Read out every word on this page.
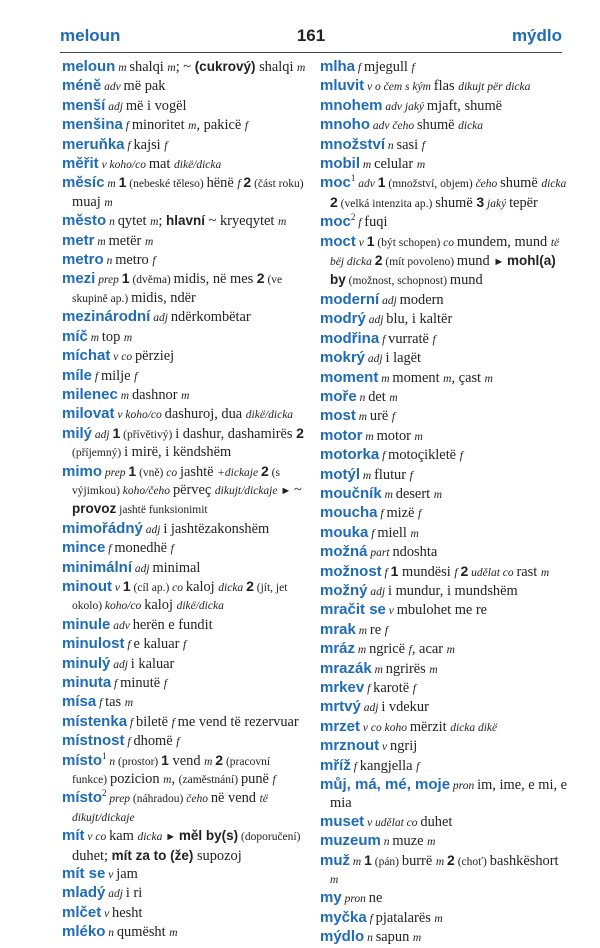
meloun	161	mýdlo
meloun m shalqi m; ~ (cukrový) shalqi m
méně adv më pak
menší adj më i vogël
menšina f minoritet m, pakicë f
meruňka f kajsi f
měřit v koho/co mat dikë/dicka
měsíc m 1 (nebeské těleso) hënë f 2 (část roku) muaj m
město n qytet m; hlavní ~ kryeqytet m
metr m metër m
metro n metro f
mezi prep 1 (dvěma) midis, në mes 2 (ve skupině ap.) midis, ndër
mezinárodní adj ndërkombëtar
míč m top m
míchat v co përziej
míle f milje f
milenec m dashnor m
milovat v koho/co dashuroj, dua dikë/dicka
milý adj 1 (přívětivý) i dashur, dashamirës 2 (příjemný) i mirë, i këndshëm
mimo prep 1 (vně) co jashtë +dickaje 2 (s výjimkou) koho/čeho përveç dikujt/dickaje ► ~ provoz jashtë funksionimit
mimořádný adj i jashtëzakonshëm
mince f monedhë f
minimální adj minimal
minout v 1 (cíl ap.) co kaloj dicka 2 (jít, jet okolo) koho/co kaloj dikë/dicka
minule adv herën e fundit
minulost f e kaluar f
minulý adj i kaluar
minuta f minutë f
mísa f tas m
místenka f biletë f me vend të rezervuar
místnost f dhomë f
místo$^1$ n (prostor) 1 vend m 2 (pracovní funkce) pozicion m, (zaměstnání) punë f
místo$^2$ prep (náhradou) čeho në vend të dikujt/dickaje
mít v co kam dicka ► měl by(s) (doporučení) duhet; mít za to (že) supozoj
mít se v jam
mladý adj i ri
mlčet v hesht
mléko n qumësht m
mlha f mjegull f
mluvit v o čem s kým flas dikujt për dicka
mnohem adv jaký mjaft, shumë
mnoho adv čeho shumë dicka
množství n sasi f
mobil m celular m
moc$^1$ adv 1 (množství, objem) čeho shumë dicka 2 (velká intenzita ap.) shumë 3 jaký tepër
moc$^2$ f fuqi
moct v 1 (být schopen) co mundem, mund të bëj dicka 2 (mít povoleno) mund ► mohl(a) by (možnost, schopnost) mund
moderní adj modern
modrý adj blu, i kaltër
modřina f vurratë f
mokrý adj i lagët
moment m moment m, çast m
moře n det m
most m urë f
motor m motor m
motorka f motoçikletë f
motýl m flutur f
moučník m desert m
moucha f mizë f
mouka f miell m
možná part ndoshta
možnost f 1 mundësi f 2 udělat co rast m
možný adj i mundur, i mundshëm
mračit se v mbulohet me re
mrak m re f
mráz m ngricë f, acar m
mrazák m ngrirës m
mrkev f karotë f
mrtvý adj i vdekur
mrzet v co koho mërzit dicka dikë
mrznout v ngrij
mříž f kangjella f
můj, má, mé, moje pron im, ime, e mi, e mia
muset v udělat co duhet
muzeum n muze m
muž m 1 (pán) burrë m 2 (choť) bashkëshort m
my pron ne
myčka f pjatalarës m
mýdlo n sapun m
